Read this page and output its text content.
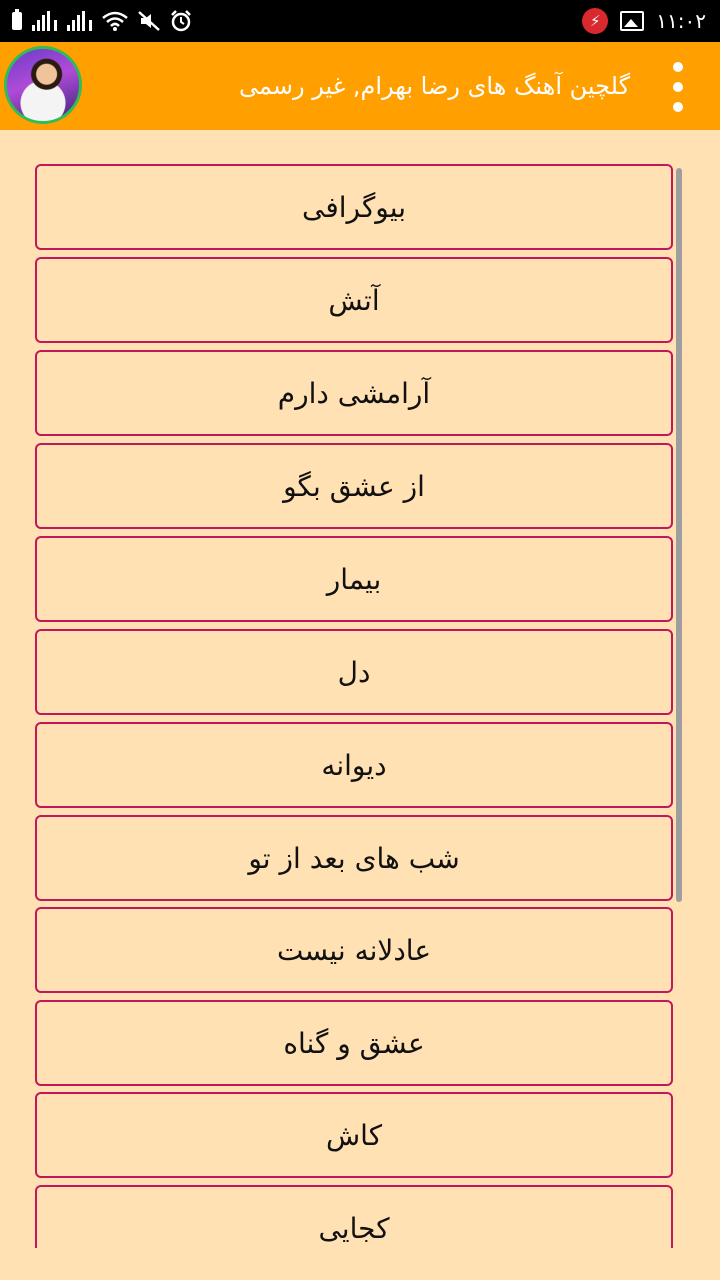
l	l	⚡	۱۱:۰۲
گلچین آهنگ های رضا بهرام, غیر رسمی
بیوگرافی
آتش
آرامشی دارم
از عشق بگو
بیمار
دل
دیوانه
شب های بعد از تو
عادلانه نیست
عشق و گناه
کاش
کجایی
